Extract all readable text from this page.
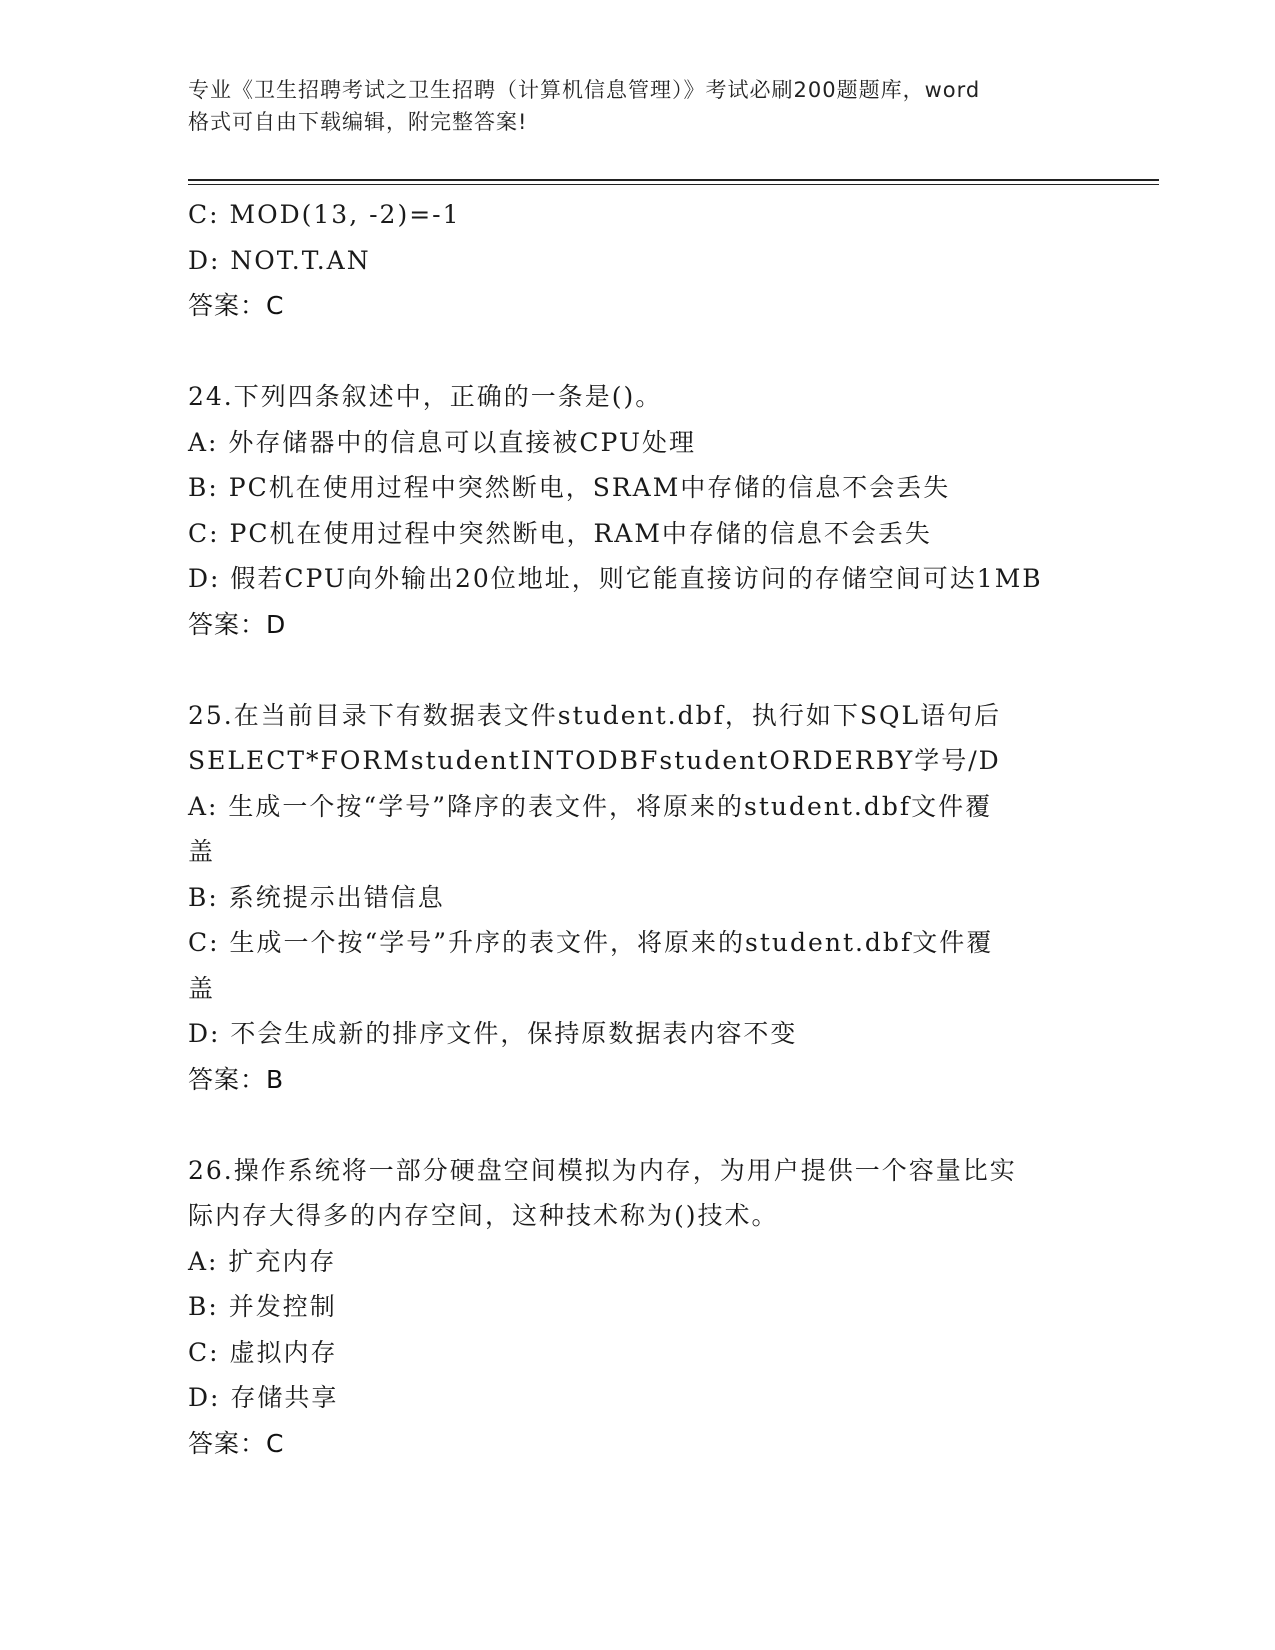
专业《卫生招聘考试之卫生招聘（计算机信息管理）》考试必刷200题题库，word
格式可自由下载编辑，附完整答案!
C: MOD(13, -2)=-1
D: NOT.T.AN
答案：C
24.下列四条叙述中，正确的一条是()。
A: 外存储器中的信息可以直接被CPU处理
B: PC机在使用过程中突然断电，SRAM中存储的信息不会丢失
C: PC机在使用过程中突然断电，RAM中存储的信息不会丢失
D: 假若CPU向外输出20位地址，则它能直接访问的存储空间可达1MB
答案：D
25.在当前目录下有数据表文件student.dbf，执行如下SQL语句后
SELECT*FORMstudentINTODBFstudentORDERBY学号/D
A: 生成一个按“学号”降序的表文件，将原来的student.dbf文件覆
盖
B: 系统提示出错信息
C: 生成一个按“学号”升序的表文件，将原来的student.dbf文件覆
盖
D: 不会生成新的排序文件，保持原数据表内容不变
答案：B
26.操作系统将一部分硬盘空间模拟为内存，为用户提供一个容量比实
际内存大得多的内存空间，这种技术称为()技术。
A: 扩充内存
B: 并发控制
C: 虚拟内存
D: 存储共享
答案：C
